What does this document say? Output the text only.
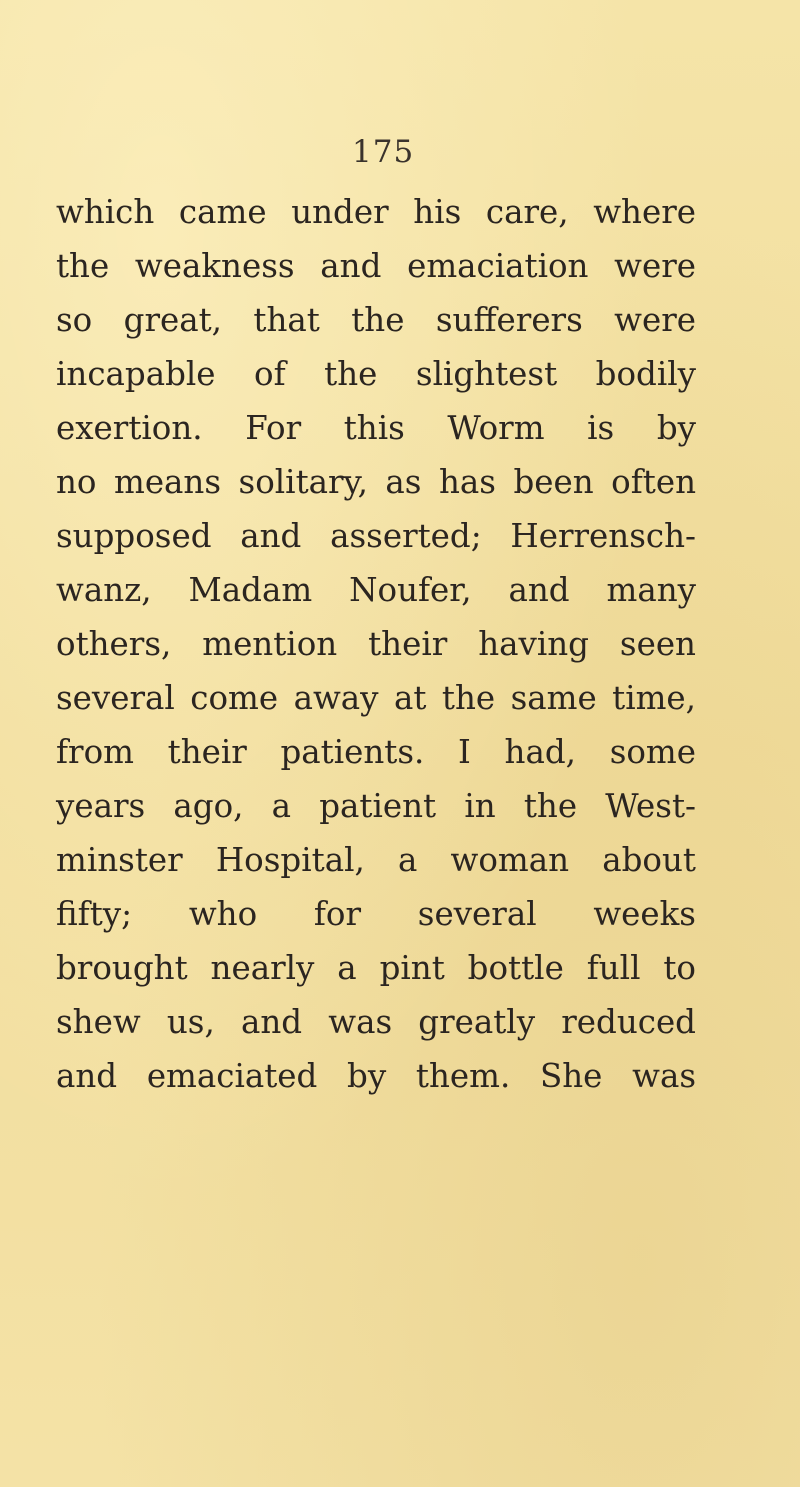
175
which came under his care, where
the weakness and emaciation were
so great, that the sufferers were
incapable of the slightest bodily
exertion. For this Worm is by
no means solitary, as has been often
supposed and asserted; Herrensch-
wanz, Madam Noufer, and many
others, mention their having seen
several come away at the same time,
from their patients. I had, some
years ago, a patient in the West-
minster Hospital, a woman about
fifty; who for several weeks
brought nearly a pint bottle full to
shew us, and was greatly reduced
and emaciated by them. She was
